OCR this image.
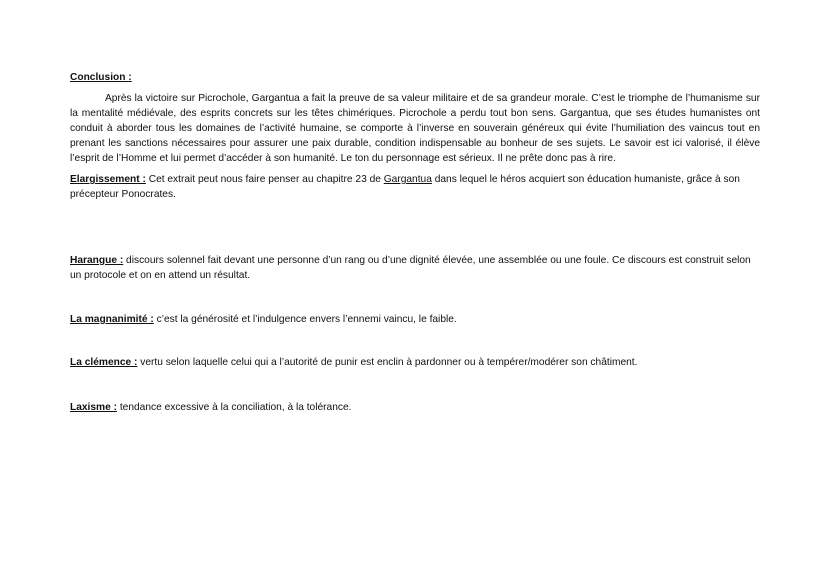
Conclusion :

Après la victoire sur Picrochole, Gargantua a fait la preuve de sa valeur militaire et de sa grandeur morale. C’est le triomphe de l’humanisme sur la mentalité médiévale, des esprits concrets sur les têtes chimériques. Picrochole a perdu tout bon sens. Gargantua, que ses études humanistes ont conduit à aborder tous les domaines de l’activité humaine, se comporte à l’inverse en souverain généreux qui évite l’humiliation des vaincus tout en prenant les sanctions nécessaires pour assurer une paix durable, condition indispensable au bonheur de ses sujets. Le savoir est ici valorisé, il élève l’esprit de l’Homme et lui permet d’accéder à son humanité. Le ton du personnage est sérieux. Il ne prête donc pas à rire.

Elargissement : Cet extrait peut nous faire penser au chapitre 23 de Gargantua dans lequel le héros acquiert son éducation humaniste, grâce à son précepteur Ponocrates.

Harangue : discours solennel fait devant une personne d’un rang ou d’une dignité élevée, une assemblée ou une foule. Ce discours est construit selon un protocole et on en attend un résultat.

La magnanimité : c’est la générosité et l’indulgence envers l’ennemi vaincu, le faible.

La clémence : vertu selon laquelle celui qui a l’autorité de punir est enclin à pardonner ou à tempérer/modérer son châtiment.

Laxisme : tendance excessive à la conciliation, à la tolérance.
